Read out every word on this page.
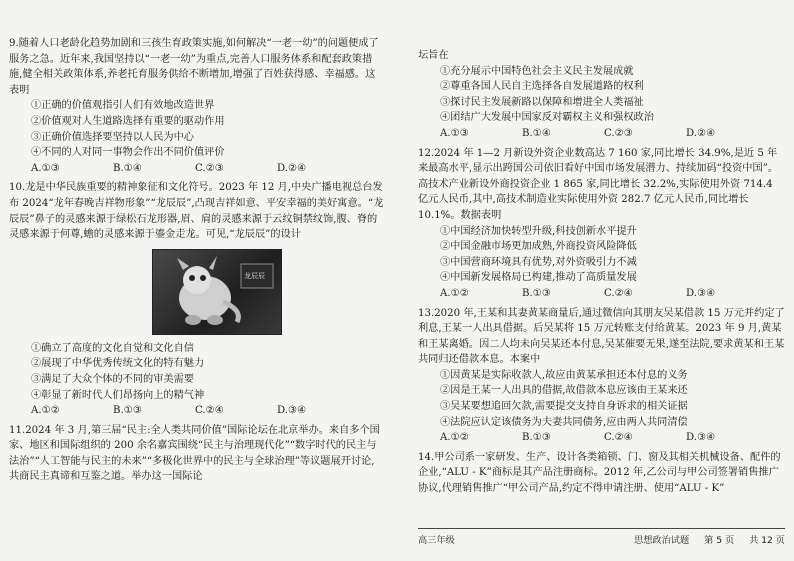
9.随着人口老龄化趋势加剧和三孩生育政策实施,如何解决“一老一幼”的问题便成了服务之急。近年来,我国坚持以“一老一幼”为重点,完善人口服务体系和配套政策措施,健全相关政策体系,养老托育服务供给不断增加,增强了百姓获得感、幸福感。这表明

①正确的价值观指引人们有效地改造世界

②价值观对人生道路选择有重要的驱动作用

③正确价值选择要坚持以人民为中心

④不同的人对同一事物会作出不同价值评价

A.①③	B.①④	C.②③	D.②④

10.龙是中华民族重要的精神象征和文化符号。2023 年 12 月,中央广播电视总台发布 2024“龙年春晚吉祥物形象”“龙辰辰”,凸现吉祥如意、平安幸福的美好寓意。“龙辰辰”鼻子的灵感来源于绿松石龙形器,眉、肩的灵感来源于云纹铜禁纹饰,腹、脊的灵感来源于何尊,蟾的灵感来源于鎏金走龙。可见,“龙辰辰”的设计

龙辰辰

①确立了高度的文化自觉和文化自信

②展现了中华优秀传统文化的特有魅力

③满足了大众个体的不同的审美需要

④彰显了新时代人们昂扬向上的精气神

A.①②	B.①③	C.②④	D.③④

11.2024 年 3 月,第三届“民主:全人类共同价值”国际论坛在北京举办。来自多个国家、地区和国际组织的 200 余名嘉宾围绕“民主与治理现代化”“数字时代的民主与法治”“人工智能与民主的未来”“多极化世界中的民主与全球治理”等议题展开讨论,共商民主真谛和互鉴之道。举办这一国际论

坛旨在

①充分展示中国特色社会主义民主发展成就

②尊重各国人民自主选择各自发展道路的权利

③探讨民主发展新路以保障和增进全人类福祉

④团结广大发展中国家反对霸权主义和强权政治

A.①③	B.①④	C.②③	D.②④

12.2024 年 1—2 月新设外资企业数高达 7 160 家,同比增长 34.9%,是近 5 年来最高水平,显示出跨国公司依旧看好中国市场发展潜力、持续加码“投资中国”。高技术产业新设外商投资企业 1 865 家,同比增长 32.2%,实际使用外资 714.4 亿元人民币,其中,高技术制造业实际使用外资 282.7 亿元人民币,同比增长 10.1%。数据表明

①中国经济加快转型升级,科技创新水平提升

②中国金融市场更加成熟,外商投资风险降低

③中国营商环境具有优势,对外资吸引力不减

④中国新发展格局已构建,推动了高质量发展

A.①②	B.①③	C.②④	D.③④

13.2020 年,王某和其妻黄某商量后,通过微信向其朋友吴某借款 15 万元并约定了利息,王某一人出具借据。后吴某将 15 万元转账支付给黄某。2023 年 9 月,黄某和王某离婚。因二人均未向吴某还本付息,吴某催要无果,遂至法院,要求黄某和王某共同归还借款本息。本案中

①因黄某是实际收款人,故应由黄某承担还本付息的义务

②因是王某一人出具的借据,故借款本息应该由王某来还

③吴某要想追回欠款,需要提交支持自身诉求的相关证据

④法院应认定该债务为夫妻共同债务,应由两人共同清偿

A.①②	B.①③	C.②④	D.③④

14.甲公司系一家研发、生产、设计各类箱锁、门、窗及其相关机械设备、配件的企业,“ALU - K”商标是其产品注册商标。2012 年,乙公司与甲公司签署销售推广协议,代理销售推广“甲公司产品,约定不得申请注册、使用“ALU - K”

高三年级	思想政治试题 第 5 页 共 12 页
